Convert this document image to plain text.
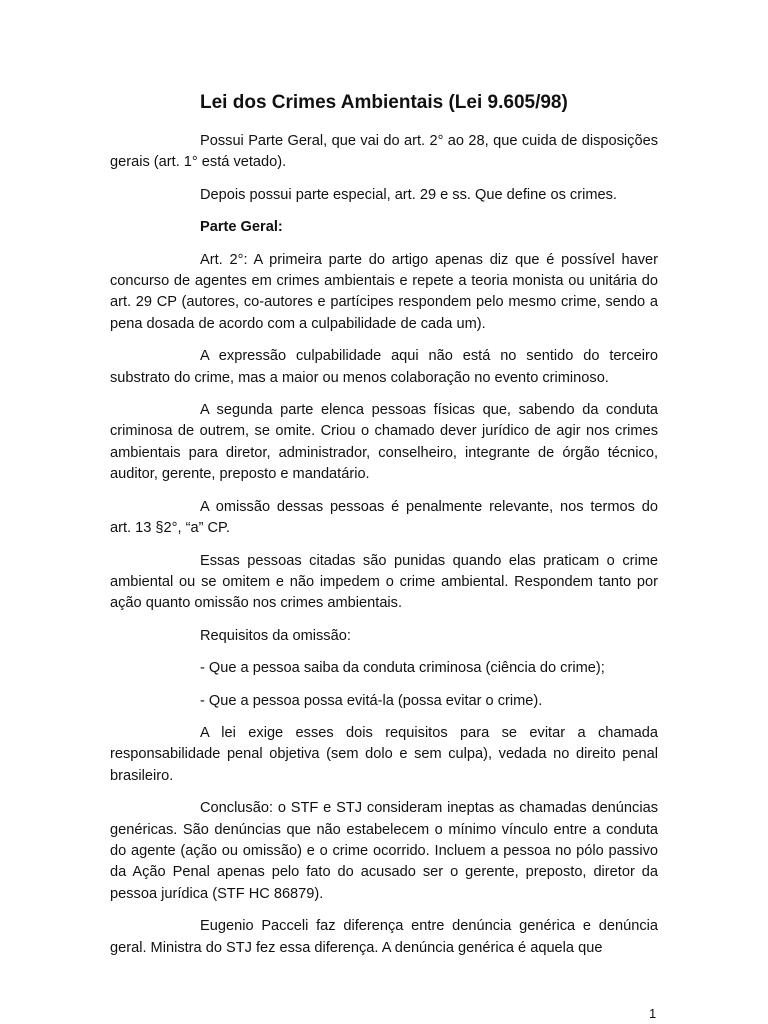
Lei dos Crimes Ambientais (Lei 9.605/98)

Possui Parte Geral, que vai do art. 2° ao 28, que cuida de disposições gerais (art. 1° está vetado).

Depois possui parte especial, art. 29 e ss. Que define os crimes.

Parte Geral:

Art. 2°: A primeira parte do artigo apenas diz que é possível haver concurso de agentes em crimes ambientais e repete a teoria monista ou unitária do art. 29 CP (autores, co-autores e partícipes respondem pelo mesmo crime, sendo a pena dosada de acordo com a culpabilidade de cada um).

A expressão culpabilidade aqui não está no sentido do terceiro substrato do crime, mas a maior ou menos colaboração no evento criminoso.

A segunda parte elenca pessoas físicas que, sabendo da conduta criminosa de outrem, se omite. Criou o chamado dever jurídico de agir nos crimes ambientais para diretor, administrador, conselheiro, integrante de órgão técnico, auditor, gerente, preposto e mandatário.

A omissão dessas pessoas é penalmente relevante, nos termos do art. 13 §2°, “a” CP.

Essas pessoas citadas são punidas quando elas praticam o crime ambiental ou se omitem e não impedem o crime ambiental. Respondem tanto por ação quanto omissão nos crimes ambientais.

Requisitos da omissão:

- Que a pessoa saiba da conduta criminosa (ciência do crime);

- Que a pessoa possa evitá-la (possa evitar o crime).

A lei exige esses dois requisitos para se evitar a chamada responsabilidade penal objetiva (sem dolo e sem culpa), vedada no direito penal brasileiro.

Conclusão: o STF e STJ consideram ineptas as chamadas denúncias genéricas. São denúncias que não estabelecem o mínimo vínculo entre a conduta do agente (ação ou omissão) e o crime ocorrido. Incluem a pessoa no pólo passivo da Ação Penal apenas pelo fato do acusado ser o gerente, preposto, diretor da pessoa jurídica (STF HC 86879).

Eugenio Pacceli faz diferença entre denúncia genérica e denúncia geral. Ministra do STJ fez essa diferença. A denúncia genérica é aquela que

1
